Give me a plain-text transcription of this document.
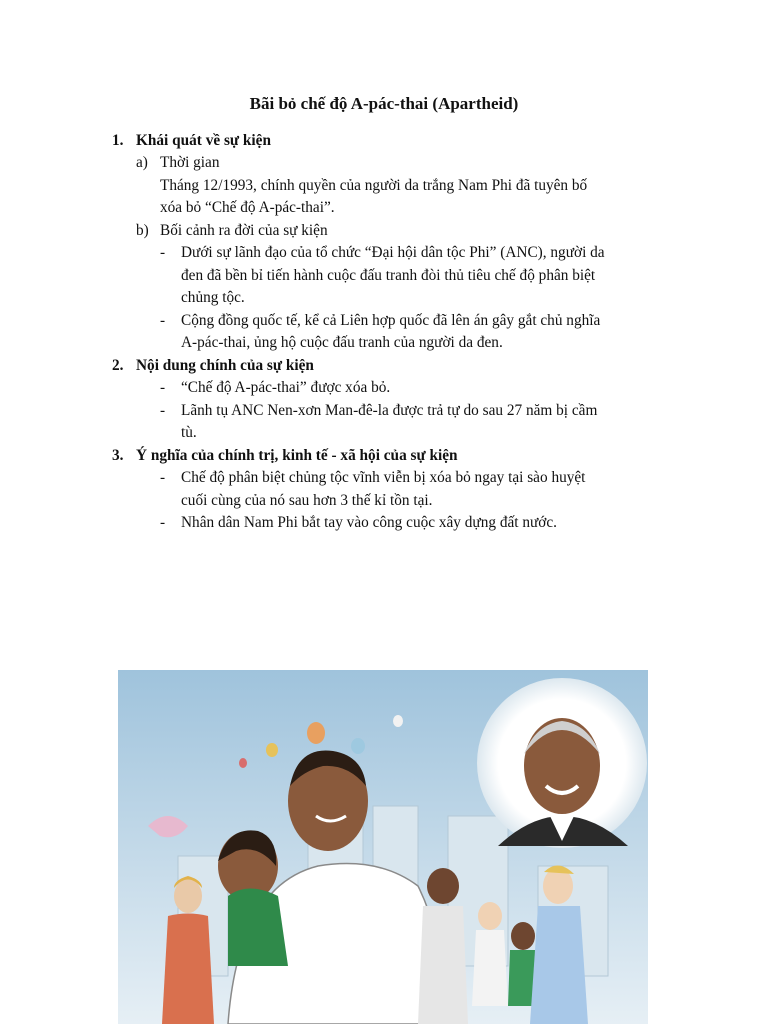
Bãi bỏ chế độ A-pác-thai (Apartheid)
1. Khái quát về sự kiện
a) Thời gian
Tháng 12/1993, chính quyền của người da trắng Nam Phi đã tuyên bố
xóa bỏ “Chế độ A-pác-thai”.
b) Bối cảnh ra đời của sự kiện
- Dưới sự lãnh đạo của tổ chức “Đại hội dân tộc Phi” (ANC), người da
đen đã bền bỉ tiến hành cuộc đấu tranh đòi thủ tiêu chế độ phân biệt
chủng tộc.
- Cộng đồng quốc tế, kể cả Liên hợp quốc đã lên án gây gắt chủ nghĩa
A-pác-thai, ủng hộ cuộc đấu tranh của người da đen.
2. Nội dung chính của sự kiện
- “Chế độ A-pác-thai” được xóa bỏ.
- Lãnh tụ ANC Nen-xơn Man-đê-la được trả tự do sau 27 năm bị cầm
tù.
3. Ý nghĩa của chính trị, kinh tế - xã hội của sự kiện
- Chế độ phân biệt chủng tộc vĩnh viễn bị xóa bỏ ngay tại sào huyệt
cuối cùng của nó sau hơn 3 thế kỉ tồn tại.
- Nhân dân Nam Phi bắt tay vào công cuộc xây dựng đất nước.
